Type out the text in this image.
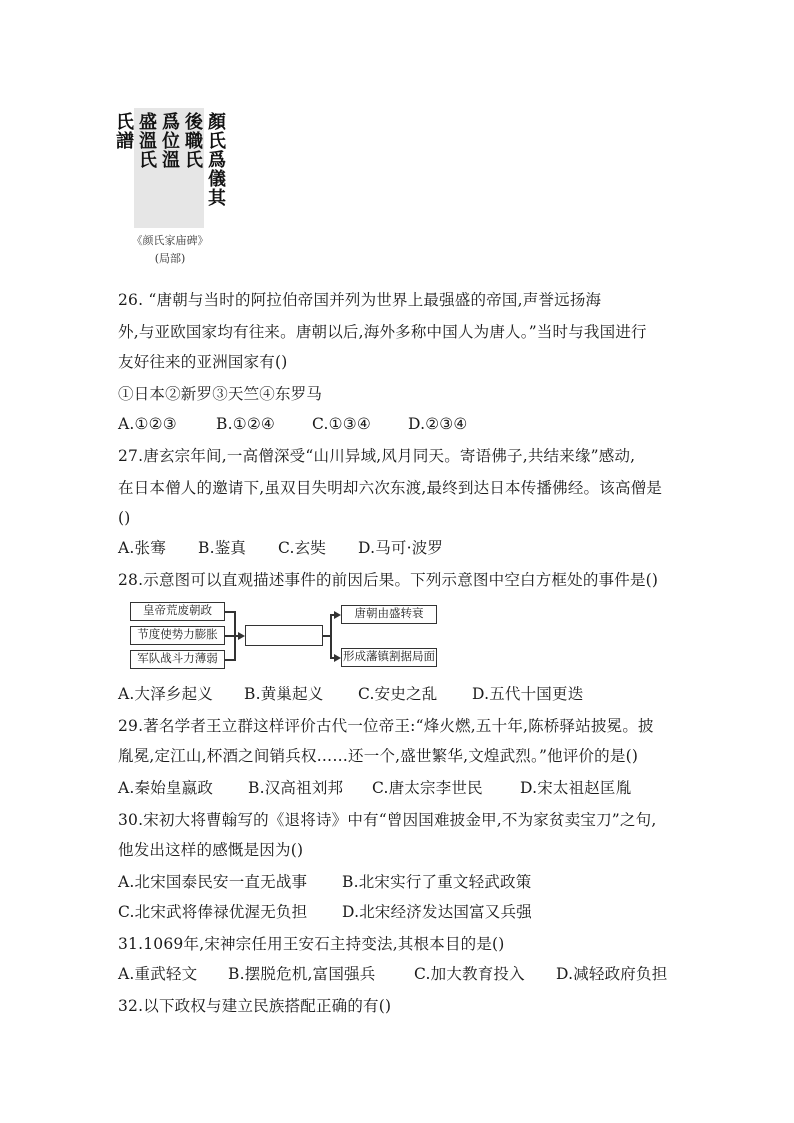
顏氏爲儀其
後職氏
爲位溫
盛溫氏
氏譜
《颜氏家庙碑》
(局部)
26. “唐朝与当时的阿拉伯帝国并列为世界上最强盛的帝国,声誉远扬海
外,与亚欧国家均有往来。唐朝以后,海外多称中国人为唐人。”当时与我国进行
友好往来的亚洲国家有()
①日本②新罗③天竺④东罗马
A.①②③	B.①②④	C.①③④	D.②③④
27.唐玄宗年间,一高僧深受“山川异域,风月同天。寄语佛子,共结来缘”感动,
在日本僧人的邀请下,虽双目失明却六次东渡,最终到达日本传播佛经。该高僧是
()
A.张骞	B.鉴真	C.玄奘	D.马可·波罗
28.示意图可以直观描述事件的前因后果。下列示意图中空白方框处的事件是()
皇帝荒废朝政
节度使势力膨胀
军队战斗力薄弱
唐朝由盛转衰
形成藩镇割据局面
A.大泽乡起义	B.黄巢起义	C.安史之乱	D.五代十国更迭
29.著名学者王立群这样评价古代一位帝王:“烽火燃,五十年,陈桥驿站披冕。披
胤冕,定江山,杯酒之间销兵权……还一个,盛世繁华,文煌武烈。”他评价的是()
A.秦始皇嬴政	B.汉高祖刘邦	C.唐太宗李世民	D.宋太祖赵匡胤
30.宋初大将曹翰写的《退将诗》中有“曾因国难披金甲,不为家贫卖宝刀”之句,
他发出这样的感慨是因为()
A.北宋国泰民安一直无战事	B.北宋实行了重文轻武政策
C.北宋武将俸禄优渥无负担	D.北宋经济发达国富又兵强
31.1069年,宋神宗任用王安石主持变法,其根本目的是()
A.重武轻文	B.摆脱危机,富国强兵	C.加大教育投入	D.减轻政府负担
32.以下政权与建立民族搭配正确的有()
